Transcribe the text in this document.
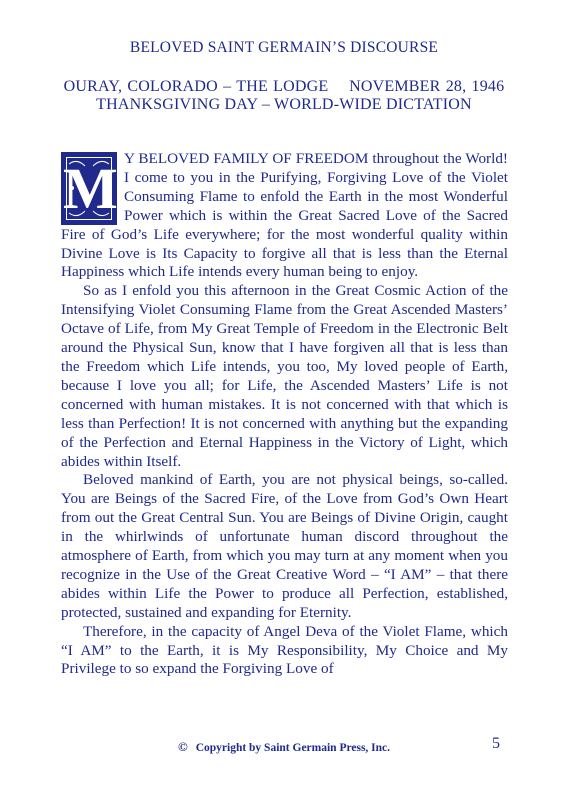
BELOVED SAINT GERMAIN’S DISCOURSE
OURAY, COLORADO – THE LODGE    NOVEMBER 28, 1946
THANKSGIVING DAY – WORLD-WIDE DICTATION

M Y BELOVED FAMILY OF FREEDOM throughout the World! I come to you in the Purifying, Forgiving Love of the Violet Consuming Flame to enfold the Earth in the most Wonderful Power which is within the Great Sacred Love of the Sacred Fire of God’s Life everywhere; for the most wonderful quality within Divine Love is Its Capacity to forgive all that is less than the Eternal Happiness which Life intends every human being to enjoy.

So as I enfold you this afternoon in the Great Cosmic Action of the Intensifying Violet Consuming Flame from the Great Ascended Masters’ Octave of Life, from My Great Temple of Freedom in the Electronic Belt around the Physical Sun, know that I have forgiven all that is less than the Freedom which Life intends, you too, My loved people of Earth, because I love you all; for Life, the Ascended Masters’ Life is not concerned with human mistakes. It is not concerned with that which is less than Perfection! It is not concerned with anything but the expanding of the Perfection and Eternal Happiness in the Victory of Light, which abides within Itself.

Beloved mankind of Earth, you are not physical beings, so-called. You are Beings of the Sacred Fire, of the Love from God’s Own Heart from out the Great Central Sun. You are Beings of Divine Origin, caught in the whirlwinds of unfortunate human discord throughout the atmosphere of Earth, from which you may turn at any moment when you recognize in the Use of the Great Creative Word – “I AM” – that there abides within Life the Power to produce all Perfection, established, protected, sustained and expanding for Eternity.

Therefore, in the capacity of Angel Deva of the Violet Flame, which “I AM” to the Earth, it is My Responsibility, My Choice and My Privilege to so expand the Forgiving Love of

© Copyright by Saint Germain Press, Inc.	5
